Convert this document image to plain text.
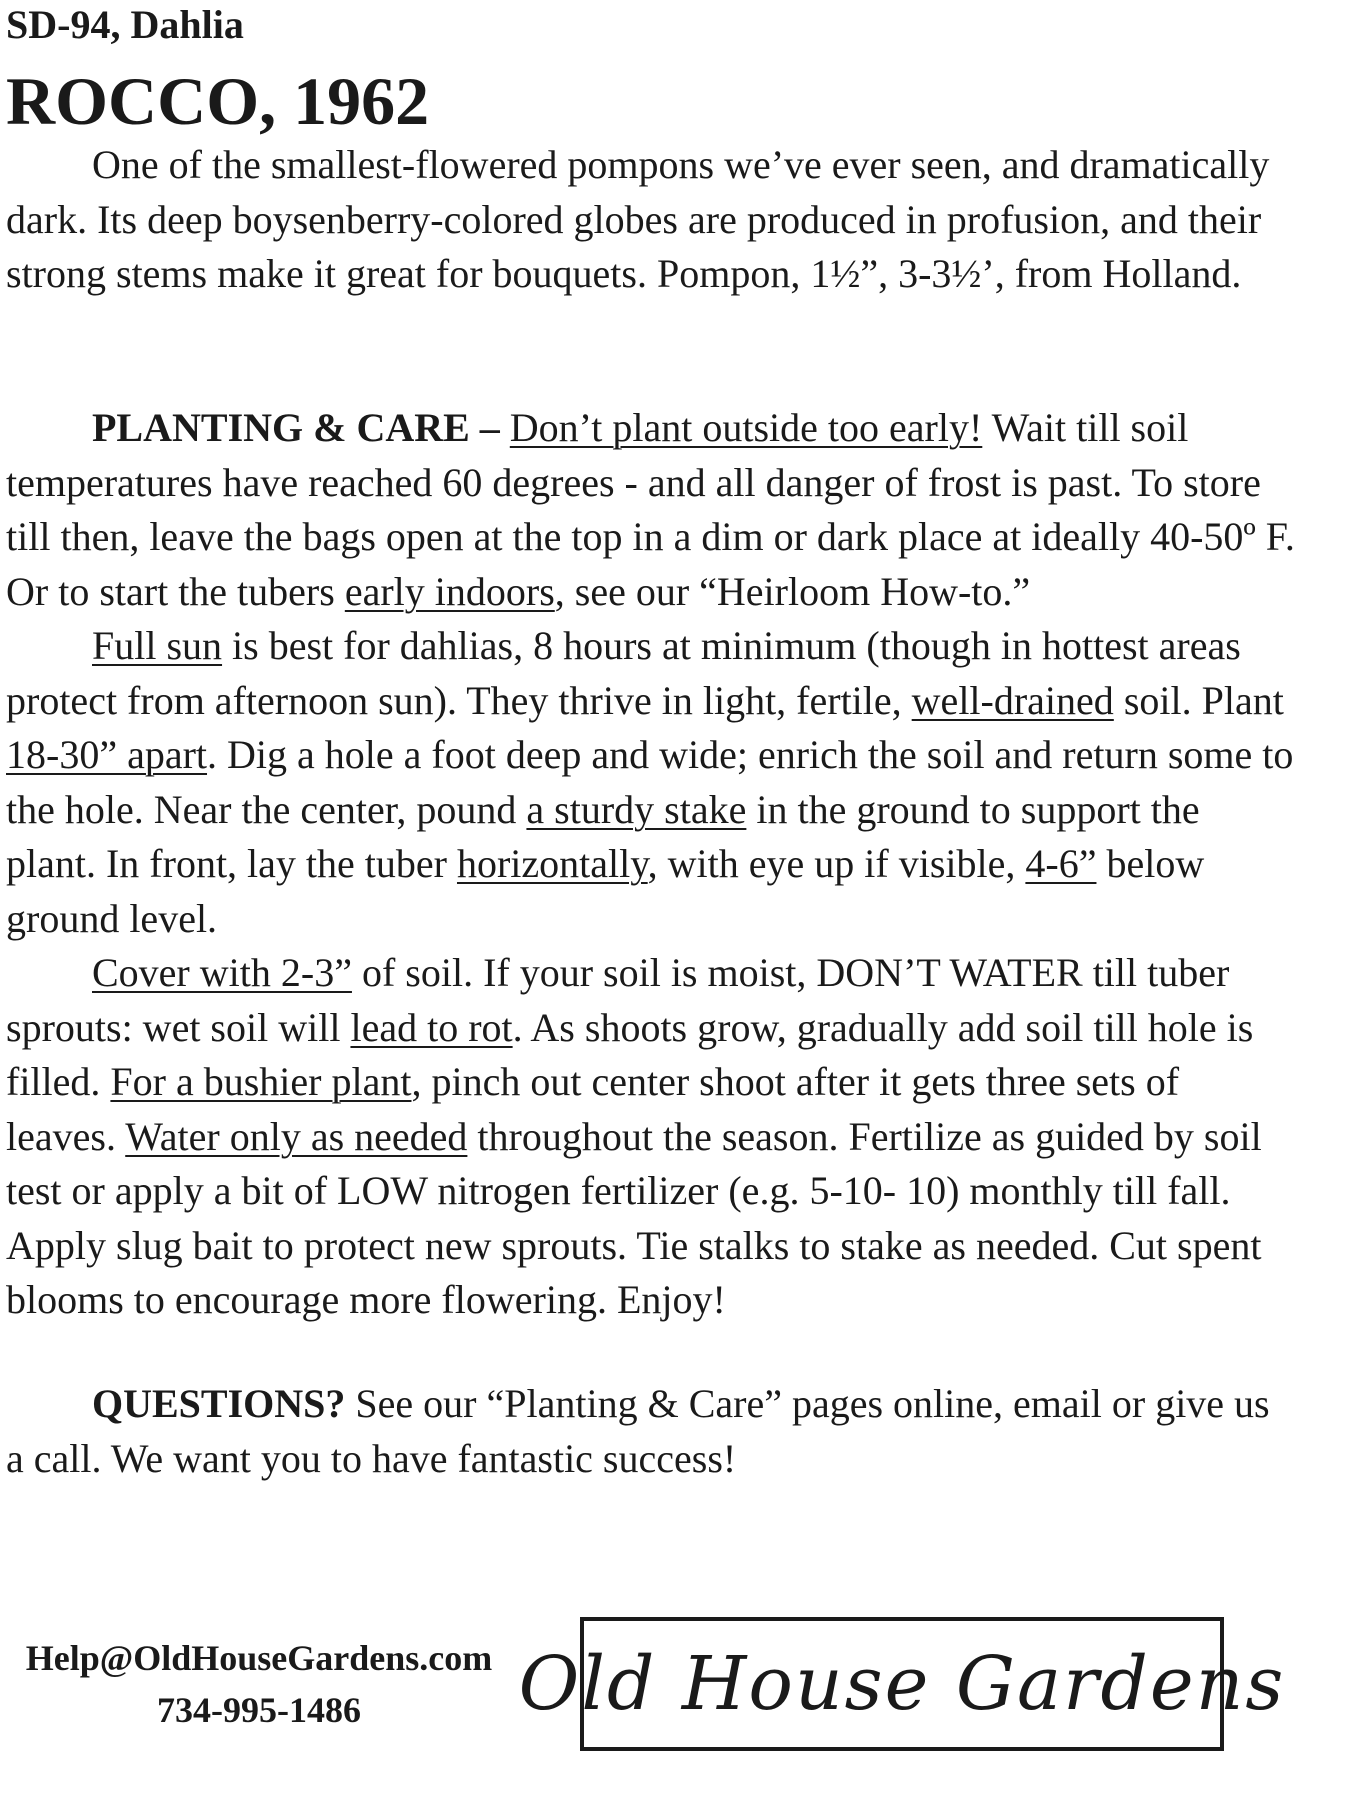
SD-94, Dahlia
ROCCO, 1962

One of the smallest-flowered pompons we’ve ever seen, and dramatically dark. Its deep boysenberry-colored globes are produced in profusion, and their strong stems make it great for bouquets. Pompon, 1½”, 3-3½’, from Holland.

PLANTING & CARE – Don’t plant outside too early! Wait till soil temperatures have reached 60 degrees - and all danger of frost is past. To store till then, leave the bags open at the top in a dim or dark place at ideally 40-50º F. Or to start the tubers early indoors, see our “Heirloom How-to.”
Full sun is best for dahlias, 8 hours at minimum (though in hottest areas protect from afternoon sun). They thrive in light, fertile, well-drained soil. Plant 18-30” apart. Dig a hole a foot deep and wide; enrich the soil and return some to the hole. Near the center, pound a sturdy stake in the ground to support the plant. In front, lay the tuber horizontally, with eye up if visible, 4-6” below ground level.
Cover with 2-3” of soil. If your soil is moist, DON’T WATER till tuber sprouts: wet soil will lead to rot. As shoots grow, gradually add soil till hole is filled. For a bushier plant, pinch out center shoot after it gets three sets of leaves. Water only as needed throughout the season. Fertilize as guided by soil test or apply a bit of LOW nitrogen fertilizer (e.g. 5-10- 10) monthly till fall. Apply slug bait to protect new sprouts. Tie stalks to stake as needed. Cut spent blooms to encourage more flowering. Enjoy!

QUESTIONS? See our “Planting & Care” pages online, email or give us a call. We want you to have fantastic success!

Help@OldHouseGardens.com
734-995-1486	Old House Gardens
